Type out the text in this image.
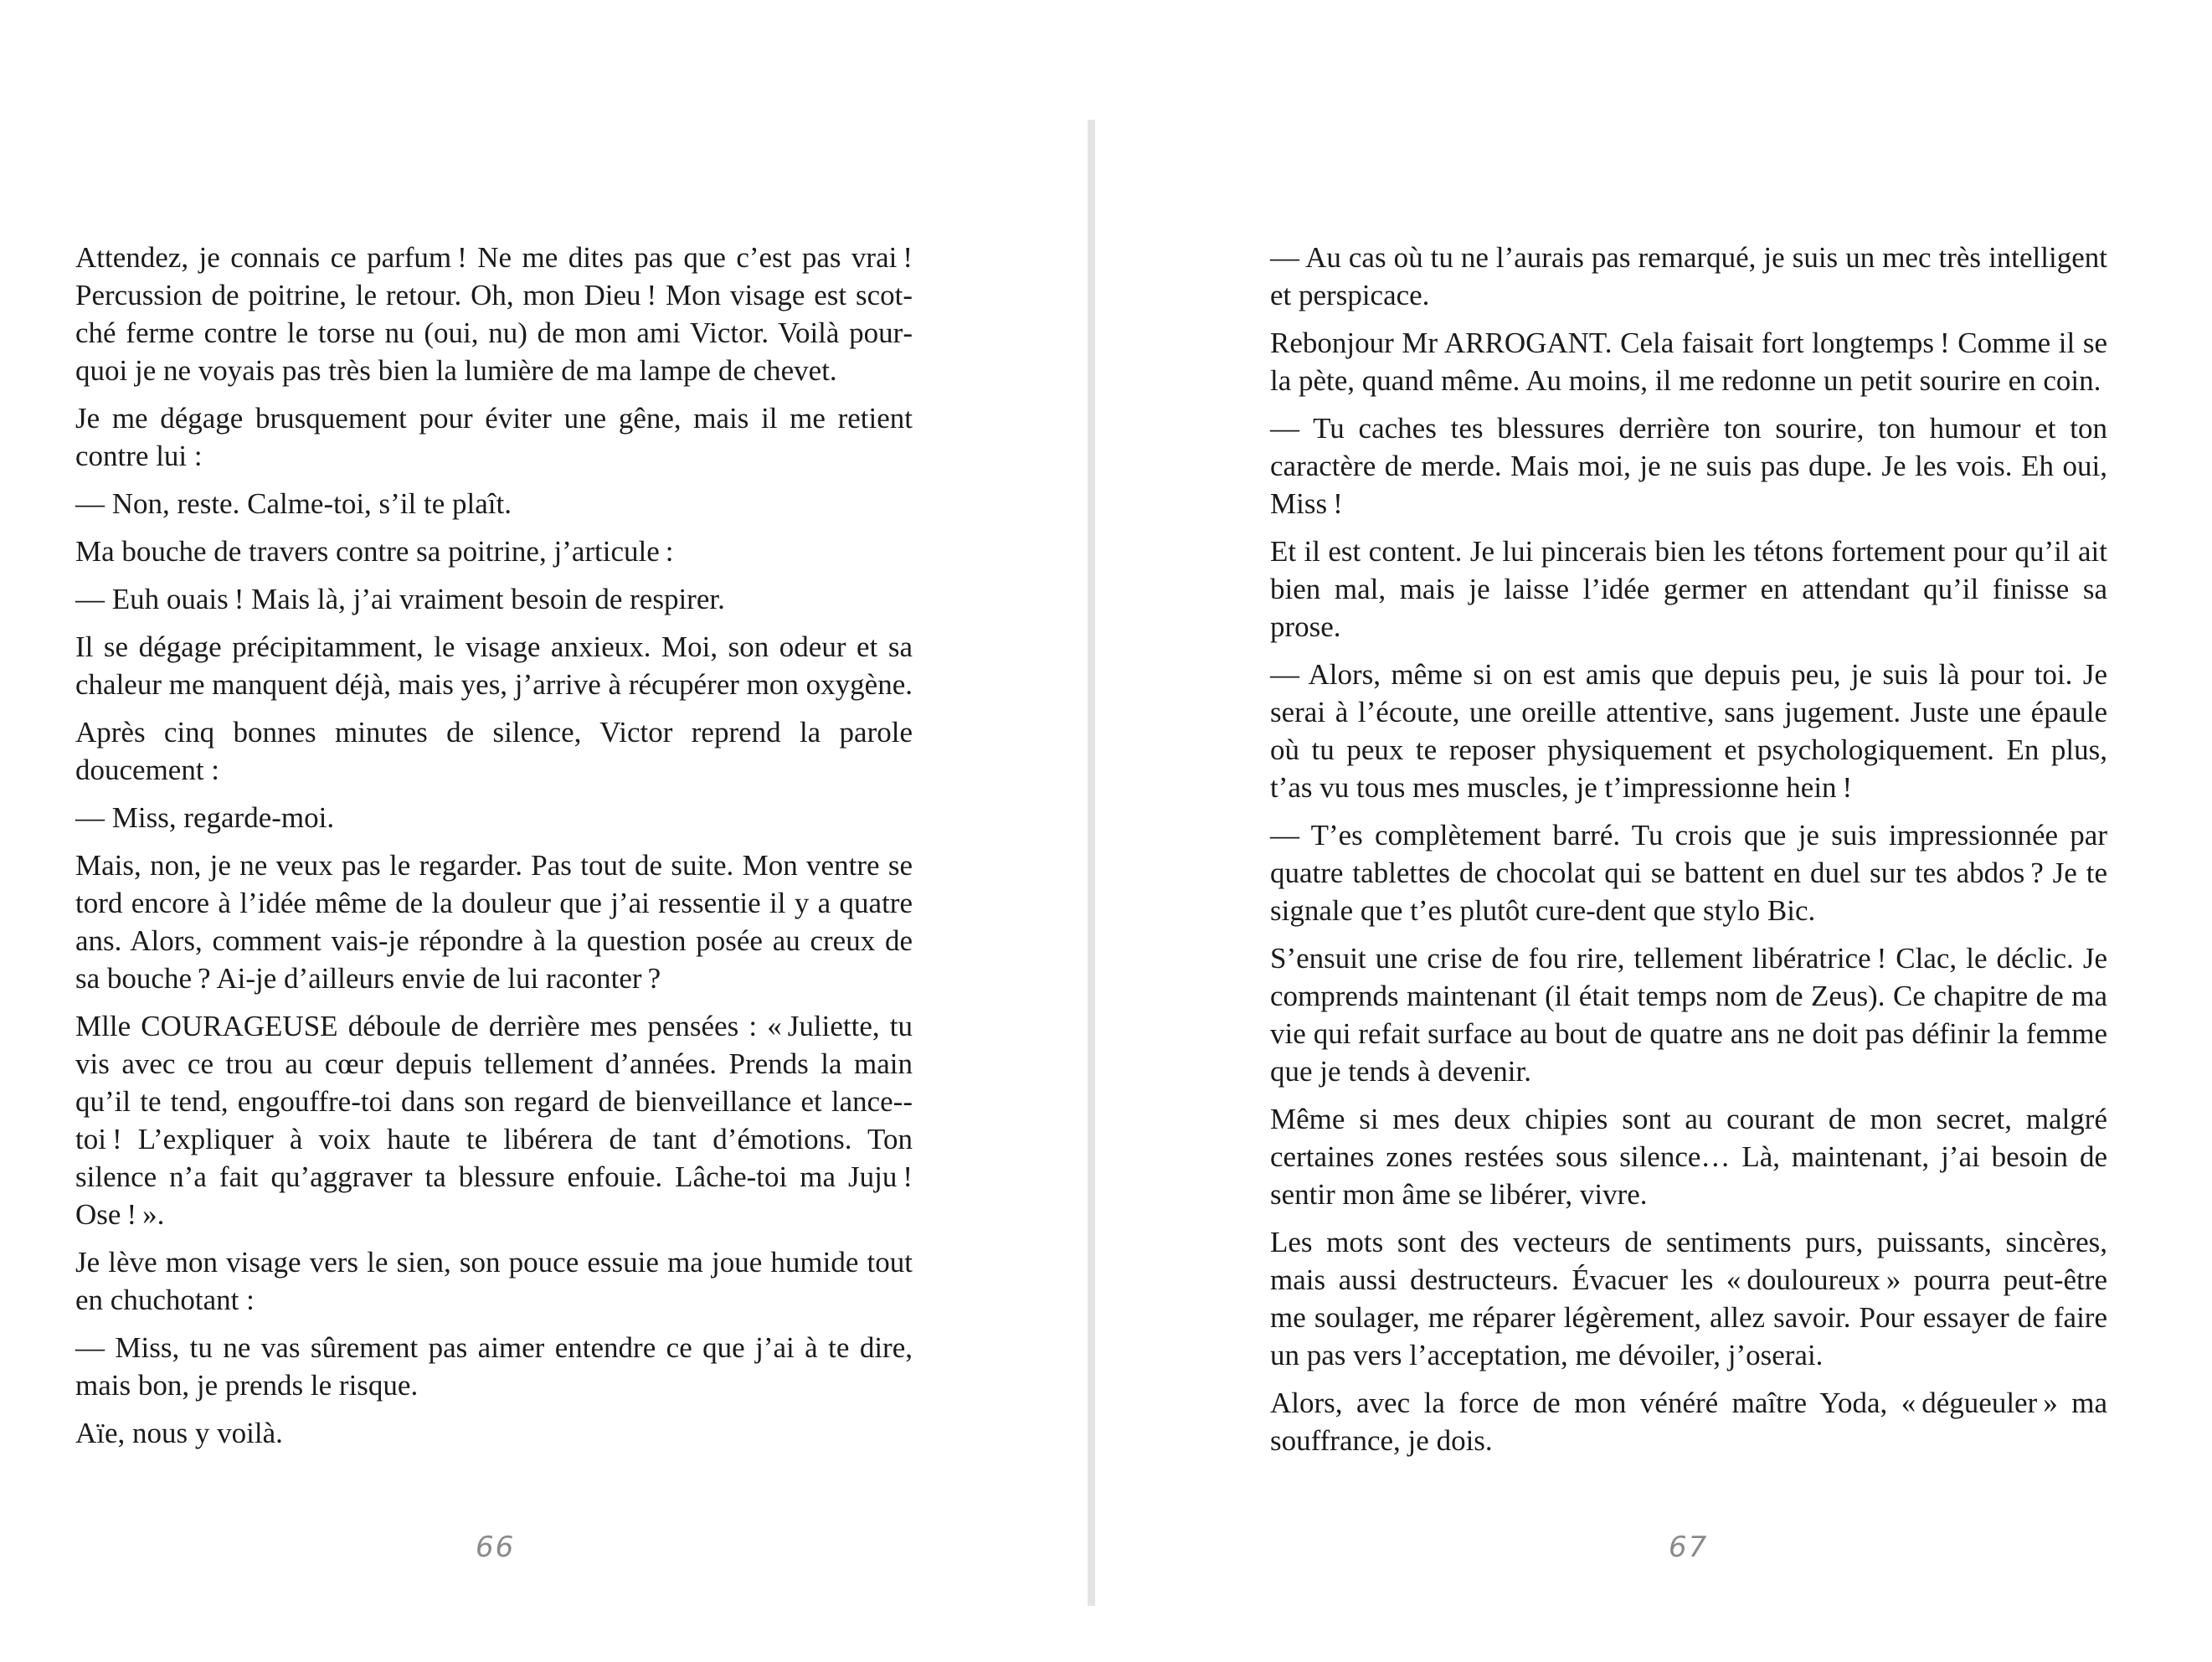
Attendez, je connais ce parfum ! Ne me dites pas que c’est pas vrai ! Percussion de poitrine, le retour. Oh, mon Dieu ! Mon visage est scotché ferme contre le torse nu (oui, nu) de mon ami Victor. Voilà pourquoi je ne voyais pas très bien la lumière de ma lampe de chevet.

Je me dégage brusquement pour éviter une gêne, mais il me retient contre lui :

— Non, reste. Calme-toi, s’il te plaît.

Ma bouche de travers contre sa poitrine, j’articule :

— Euh ouais ! Mais là, j’ai vraiment besoin de respirer.

Il se dégage précipitamment, le visage anxieux. Moi, son odeur et sa chaleur me manquent déjà, mais yes, j’arrive à récupérer mon oxygène.

Après cinq bonnes minutes de silence, Victor reprend la parole doucement :

— Miss, regarde-moi.

Mais, non, je ne veux pas le regarder. Pas tout de suite. Mon ventre se tord encore à l’idée même de la douleur que j’ai ressentie il y a quatre ans. Alors, comment vais-je répondre à la question posée au creux de sa bouche ? Ai-je d’ailleurs envie de lui raconter ?

Mlle COURAGEUSE déboule de derrière mes pensées : « Juliette, tu vis avec ce trou au cœur depuis tellement d’années. Prends la main qu’il te tend, engouffre-toi dans son regard de bienveillance et lance-toi ! L’expliquer à voix haute te libérera de tant d’émotions. Ton silence n’a fait qu’aggraver ta blessure enfouie. Lâche-toi ma Juju ! Ose ! ».

Je lève mon visage vers le sien, son pouce essuie ma joue humide tout en chuchotant :

— Miss, tu ne vas sûrement pas aimer entendre ce que j’ai à te dire, mais bon, je prends le risque.

Aïe, nous y voilà.

66

— Au cas où tu ne l’aurais pas remarqué, je suis un mec très intelligent et perspicace.

Rebonjour Mr ARROGANT. Cela faisait fort longtemps ! Comme il se la pète, quand même. Au moins, il me redonne un petit sourire en coin.

— Tu caches tes blessures derrière ton sourire, ton humour et ton caractère de merde. Mais moi, je ne suis pas dupe. Je les vois. Eh oui, Miss !

Et il est content. Je lui pincerais bien les tétons fortement pour qu’il ait bien mal, mais je laisse l’idée germer en attendant qu’il finisse sa prose.

— Alors, même si on est amis que depuis peu, je suis là pour toi. Je serai à l’écoute, une oreille attentive, sans jugement. Juste une épaule où tu peux te reposer physiquement et psychologiquement. En plus, t’as vu tous mes muscles, je t’impressionne hein !

— T’es complètement barré. Tu crois que je suis impressionnée par quatre tablettes de chocolat qui se battent en duel sur tes abdos ? Je te signale que t’es plutôt cure-dent que stylo Bic.

S’ensuit une crise de fou rire, tellement libératrice ! Clac, le déclic. Je comprends maintenant (il était temps nom de Zeus). Ce chapitre de ma vie qui refait surface au bout de quatre ans ne doit pas définir la femme que je tends à devenir.

Même si mes deux chipies sont au courant de mon secret, malgré certaines zones restées sous silence… Là, maintenant, j’ai besoin de sentir mon âme se libérer, vivre.

Les mots sont des vecteurs de sentiments purs, puissants, sincères, mais aussi destructeurs. Évacuer les « douloureux » pourra peut-être me soulager, me réparer légèrement, allez savoir. Pour essayer de faire un pas vers l’acceptation, me dévoiler, j’oserai.

Alors, avec la force de mon vénéré maître Yoda, « dégueuler » ma souffrance, je dois.

67
